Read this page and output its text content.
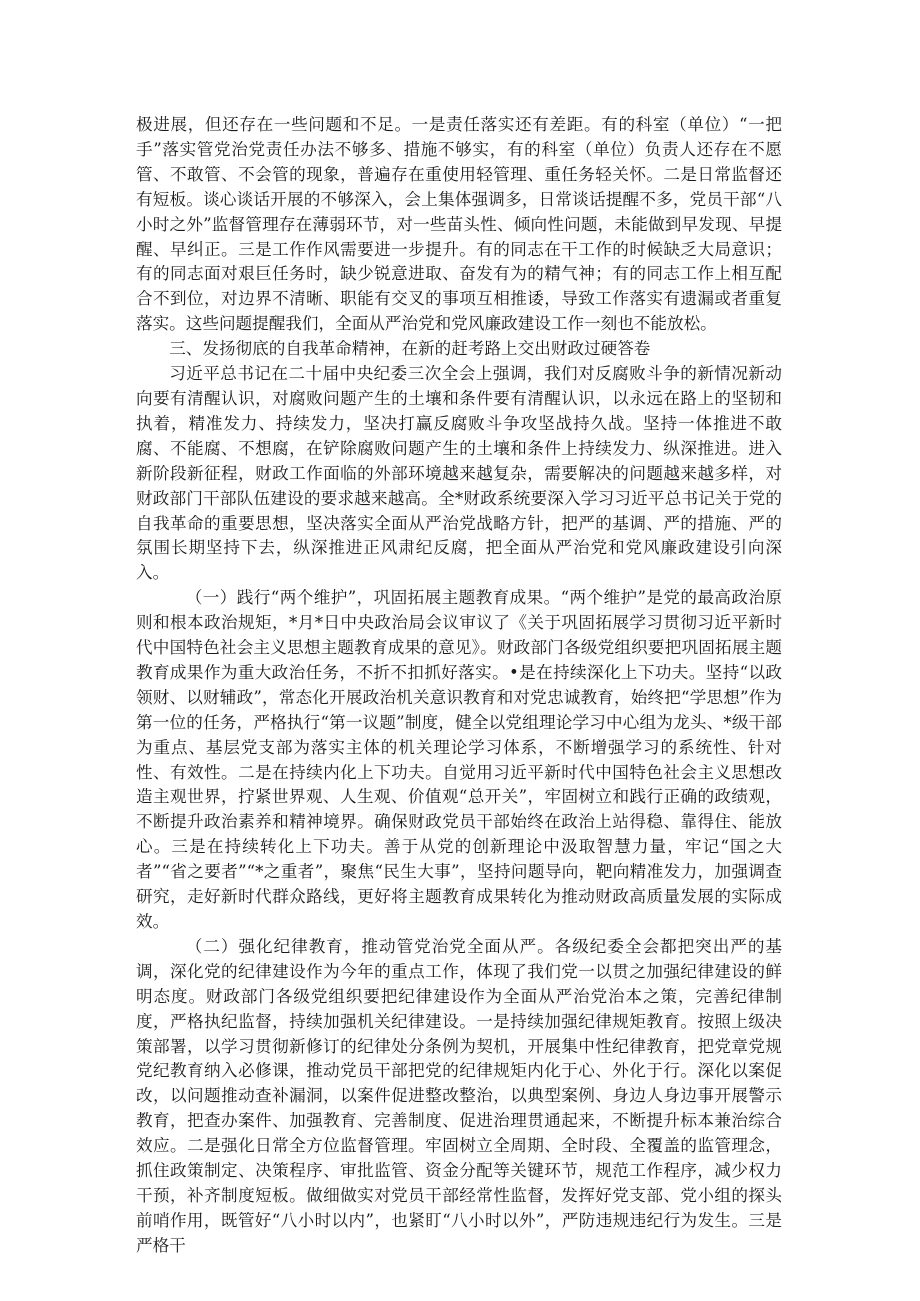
极进展，但还存在一些问题和不足。一是责任落实还有差距。有的科室（单位）“一把手”落实管党治党责任办法不够多、措施不够实，有的科室（单位）负责人还存在不愿管、不敢管、不会管的现象，普遍存在重使用轻管理、重任务轻关怀。二是日常监督还有短板。谈心谈话开展的不够深入，会上集体强调多，日常谈话提醒不多，党员干部“八小时之外”监督管理存在薄弱环节，对一些苗头性、倾向性问题，未能做到早发现、早提醒、早纠正。三是工作作风需要进一步提升。有的同志在干工作的时候缺乏大局意识；有的同志面对艰巨任务时，缺少锐意进取、奋发有为的精气神；有的同志工作上相互配合不到位，对边界不清晰、职能有交叉的事项互相推诿，导致工作落实有遗漏或者重复落实。这些问题提醒我们，全面从严治党和党风廉政建设工作一刻也不能放松。

三、发扬彻底的自我革命精神，在新的赶考路上交出财政过硬答卷

习近平总书记在二十届中央纪委三次全会上强调，我们对反腐败斗争的新情况新动向要有清醒认识，对腐败问题产生的土壤和条件要有清醒认识，以永远在路上的坚韧和执着，精准发力、持续发力，坚决打赢反腐败斗争攻坚战持久战。坚持一体推进不敢腐、不能腐、不想腐，在铲除腐败问题产生的土壤和条件上持续发力、纵深推进。进入新阶段新征程，财政工作面临的外部环境越来越复杂，需要解决的问题越来越多样，对财政部门干部队伍建设的要求越来越高。全*财政系统要深入学习习近平总书记关于党的自我革命的重要思想，坚决落实全面从严治党战略方针，把严的基调、严的措施、严的氛围长期坚持下去，纵深推进正风肃纪反腐，把全面从严治党和党风廉政建设引向深入。

（一）践行“两个维护”，巩固拓展主题教育成果。“两个维护”是党的最高政治原则和根本政治规矩，*月*日中央政治局会议审议了《关于巩固拓展学习贯彻习近平新时代中国特色社会主义思想主题教育成果的意见》。财政部门各级党组织要把巩固拓展主题教育成果作为重大政治任务，不折不扣抓好落实。•是在持续深化上下功夫。坚持“以政领财、以财辅政”，常态化开展政治机关意识教育和对党忠诚教育，始终把“学思想”作为第一位的任务，严格执行“第一议题”制度，健全以党组理论学习中心组为龙头、*级干部为重点、基层党支部为落实主体的机关理论学习体系，不断增强学习的系统性、针对性、有效性。二是在持续内化上下功夫。自觉用习近平新时代中国特色社会主义思想改造主观世界，拧紧世界观、人生观、价值观“总开关”，牢固树立和践行正确的政绩观，不断提升政治素养和精神境界。确保财政党员干部始终在政治上站得稳、靠得住、能放心。三是在持续转化上下功夫。善于从党的创新理论中汲取智慧力量，牢记“国之大者”“省之要者”“*之重者”，聚焦“民生大事”，坚持问题导向，靶向精准发力，加强调查研究，走好新时代群众路线，更好将主题教育成果转化为推动财政高质量发展的实际成效。

（二）强化纪律教育，推动管党治党全面从严。各级纪委全会都把突出严的基调，深化党的纪律建设作为今年的重点工作，体现了我们党一以贯之加强纪律建设的鲜明态度。财政部门各级党组织要把纪律建设作为全面从严治党治本之策，完善纪律制度，严格执纪监督，持续加强机关纪律建设。一是持续加强纪律规矩教育。按照上级决策部署，以学习贯彻新修订的纪律处分条例为契机，开展集中性纪律教育，把党章党规党纪教育纳入必修课，推动党员干部把党的纪律规矩内化于心、外化于行。深化以案促改，以问题推动查补漏洞，以案件促进整改整治，以典型案例、身边人身边事开展警示教育，把查办案件、加强教育、完善制度、促进治理贯通起来，不断提升标本兼治综合效应。二是强化日常全方位监督管理。牢固树立全周期、全时段、全覆盖的监管理念，抓住政策制定、决策程序、审批监管、资金分配等关键环节，规范工作程序，减少权力干预，补齐制度短板。做细做实对党员干部经常性监督，发挥好党支部、党小组的探头前哨作用，既管好“八小时以内”，也紧盯“八小时以外”，严防违规违纪行为发生。三是严格干
